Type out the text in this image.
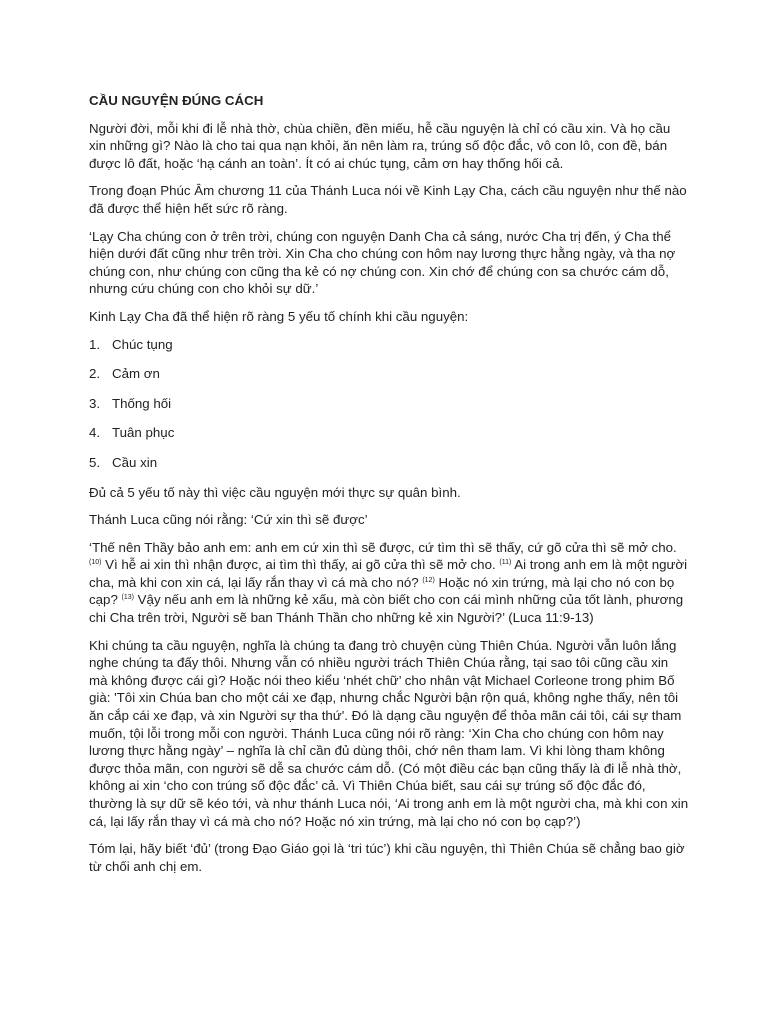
CẦU NGUYỆN ĐÚNG CÁCH

Người đời, mỗi khi đi lễ nhà thờ, chùa chiền, đền miếu, hễ cầu nguyện là chỉ có cầu xin. Và họ cầu xin những gì? Nào là cho tai qua nạn khỏi, ăn nên làm ra, trúng số độc đắc, vô con lô, con đề, bán được lô đất, hoặc ‘hạ cánh an toàn’. Ít có ai chúc tụng, cảm ơn hay thống hối cả.

Trong đoạn Phúc Âm chương 11 của Thánh Luca nói về Kinh Lạy Cha, cách cầu nguyện như thế nào đã được thể hiện hết sức rõ ràng.

‘Lạy Cha chúng con ở trên trời, chúng con nguyện Danh Cha cả sáng, nước Cha trị đến, ý Cha thể hiện dưới đất cũng như trên trời. Xin Cha cho chúng con hôm nay lương thực hằng ngày, và tha nợ chúng con, như chúng con cũng tha kẻ có nợ chúng con. Xin chớ để chúng con sa chước cám dỗ, nhưng cứu chúng con cho khỏi sự dữ.’

Kinh Lạy Cha đã thể hiện rõ ràng 5 yếu tố chính khi cầu nguyện:

1. Chúc tụng
2. Cảm ơn
3. Thống hối
4. Tuân phục
5. Cầu xin

Đủ cả 5 yếu tố này thì việc cầu nguyện mới thực sự quân bình.

Thánh Luca cũng nói rằng: ‘Cứ xin thì sẽ được’

‘Thế nên Thầy bảo anh em: anh em cứ xin thì sẽ được, cứ tìm thì sẽ thấy, cứ gõ cửa thì sẽ mở cho. $^{(10)}$ Vì hễ ai xin thì nhận được, ai tìm thì thấy, ai gõ cửa thì sẽ mở cho. $^{(11)}$ Ai trong anh em là một người cha, mà khi con xin cá, lại lấy rắn thay vì cá mà cho nó? $^{(12)}$ Hoặc nó xin trứng, mà lại cho nó con bọ cạp? $^{(13)}$ Vậy nếu anh em là những kẻ xấu, mà còn biết cho con cái mình những của tốt lành, phương chi Cha trên trời, Người sẽ ban Thánh Thần cho những kẻ xin Người?’ (Luca 11:9-13)

Khi chúng ta cầu nguyện, nghĩa là chúng ta đang trò chuyện cùng Thiên Chúa. Người vẫn luôn lắng nghe chúng ta đấy thôi. Nhưng vẫn có nhiều người trách Thiên Chúa rằng, tại sao tôi cũng cầu xin mà không được cái gì? Hoặc nói theo kiểu ‘nhét chữ’ cho nhân vật Michael Corleone trong phim Bố già: 'Tôi xin Chúa ban cho một cái xe đạp, nhưng chắc Người bận rộn quá, không nghe thấy, nên tôi ăn cắp cái xe đạp, và xin Người sự tha thứ'. Đó là dạng cầu nguyện để thỏa mãn cái tôi, cái sự tham muốn, tội lỗi trong mỗi con người. Thánh Luca cũng nói rõ ràng: ‘Xin Cha cho chúng con hôm nay lương thực hằng ngày’ – nghĩa là chỉ cần đủ dùng thôi, chớ nên tham lam. Vì khi lòng tham không được thỏa mãn, con người sẽ dễ sa chước cám dỗ. (Có một điều các bạn cũng thấy là đi lễ nhà thờ, không ai xin ‘cho con trúng số độc đắc’ cả. Vì Thiên Chúa biết, sau cái sự trúng số độc đắc đó, thường là sự dữ sẽ kéo tới, và như thánh Luca nói, ‘Ai trong anh em là một người cha, mà khi con xin cá, lại lấy rắn thay vì cá mà cho nó? Hoặc nó xin trứng, mà lại cho nó con bọ cạp?’)

Tóm lại, hãy biết ‘đủ’ (trong Đạo Giáo gọi là ‘tri túc’) khi cầu nguyện, thì Thiên Chúa sẽ chẳng bao giờ từ chối anh chị em.
